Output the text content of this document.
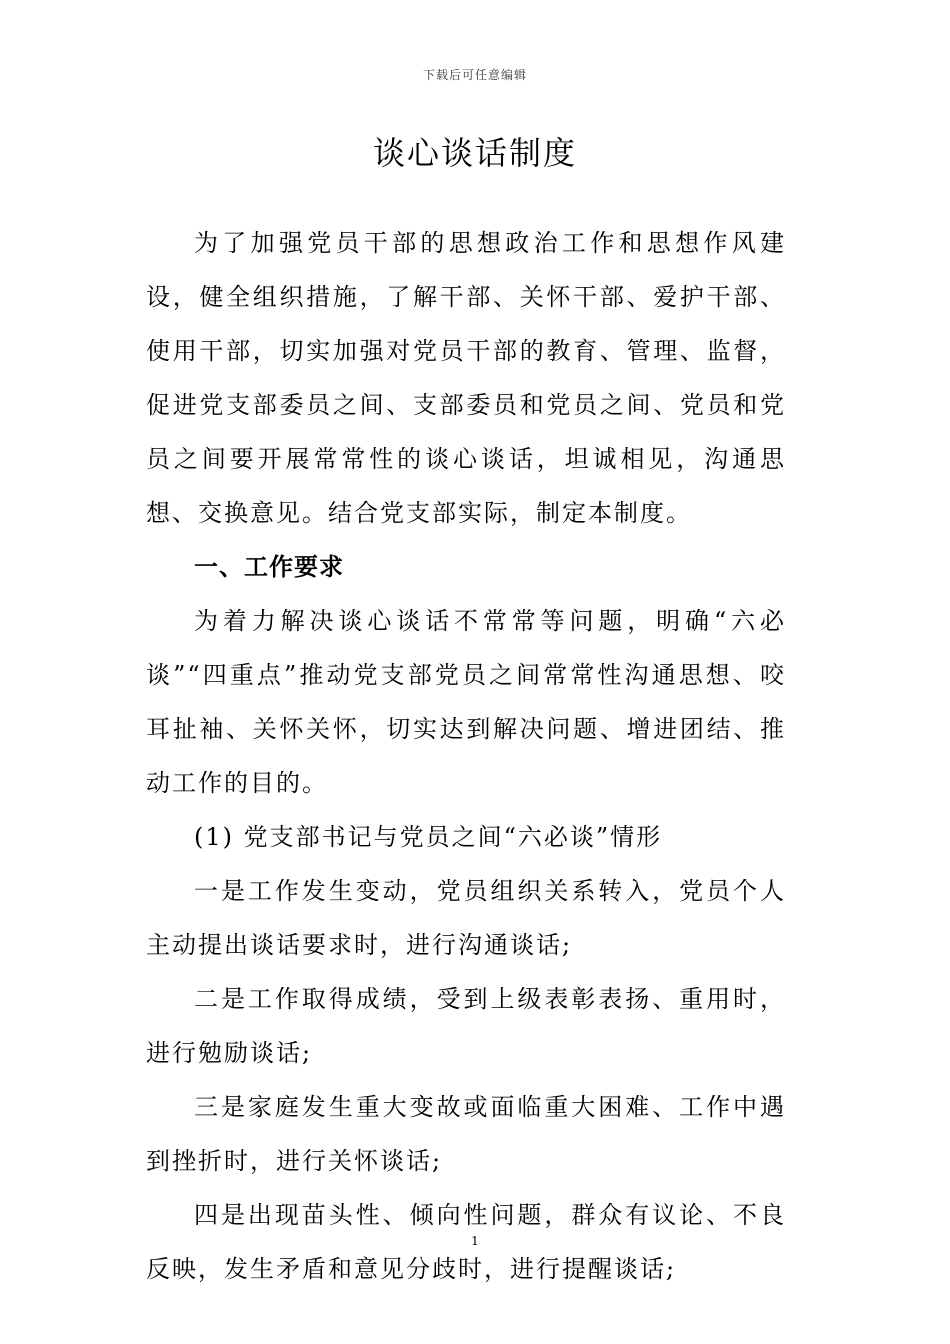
下载后可任意编辑
谈心谈话制度

为了加强党员干部的思想政治工作和思想作风建设，健全组织措施，了解干部、关怀干部、爱护干部、使用干部，切实加强对党员干部的教育、管理、监督，促进党支部委员之间、支部委员和党员之间、党员和党员之间要开展常常性的谈心谈话，坦诚相见，沟通思想、交换意见。结合党支部实际，制定本制度。

一、工作要求

为着力解决谈心谈话不常常等问题，明确“六必谈”“四重点”推动党支部党员之间常常性沟通思想、咬耳扯袖、关怀关怀，切实达到解决问题、增进团结、推动工作的目的。

(1) 党支部书记与党员之间“六必谈”情形

一是工作发生变动，党员组织关系转入，党员个人主动提出谈话要求时，进行沟通谈话;

二是工作取得成绩，受到上级表彰表扬、重用时，进行勉励谈话;

三是家庭发生重大变故或面临重大困难、工作中遇到挫折时，进行关怀谈话;

四是出现苗头性、倾向性问题，群众有议论、不良反映，发生矛盾和意见分歧时，进行提醒谈话;

1
